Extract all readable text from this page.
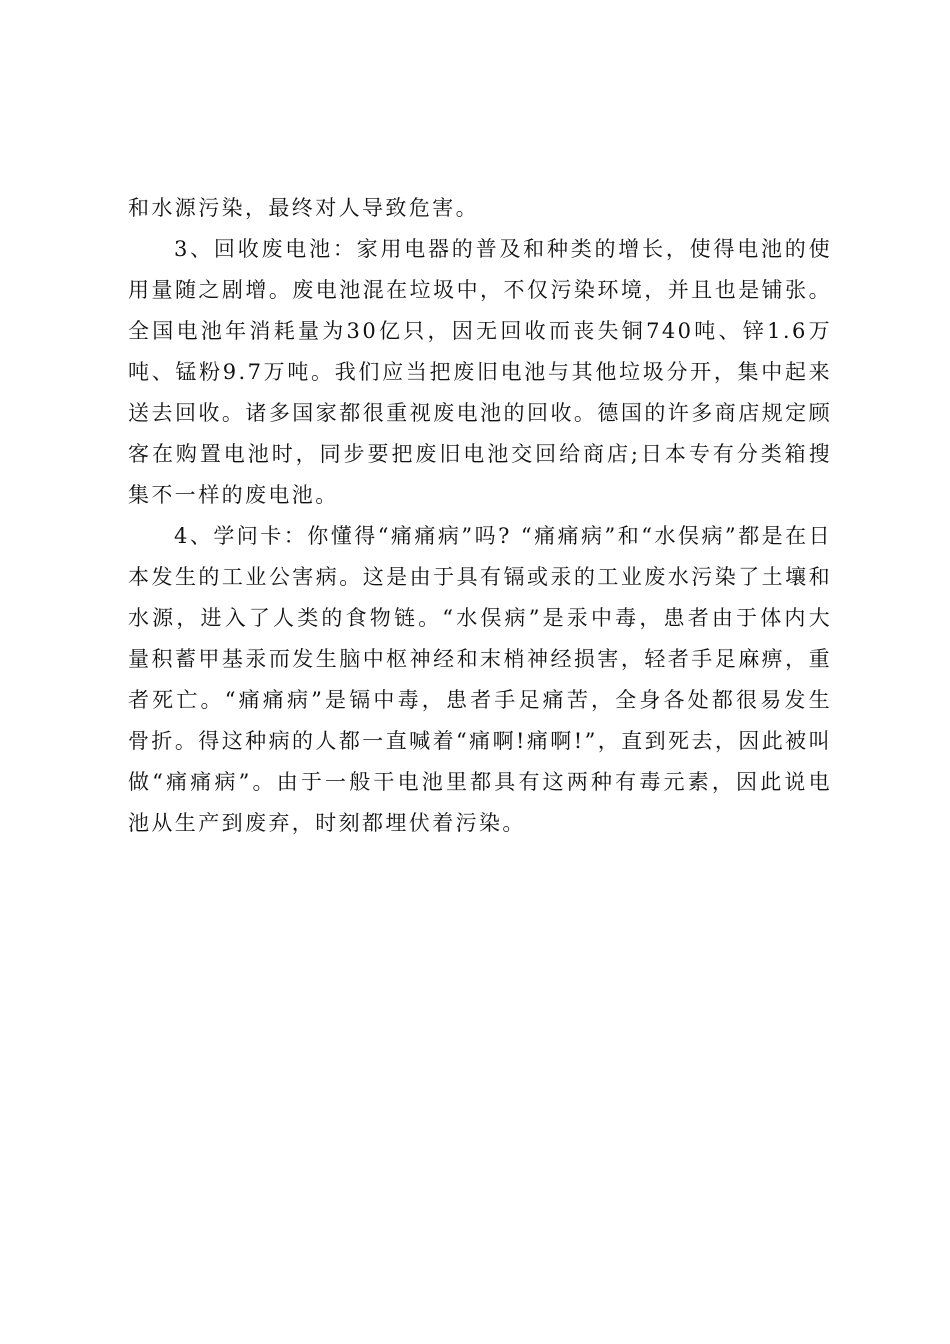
和水源污染，最终对人导致危害。

3、回收废电池：家用电器的普及和种类的增长，使得电池的使用量随之剧增。废电池混在垃圾中，不仅污染环境，并且也是铺张。全国电池年消耗量为30亿只，因无回收而丧失铜740吨、锌1.6万吨、锰粉9.7万吨。我们应当把废旧电池与其他垃圾分开，集中起来送去回收。诸多国家都很重视废电池的回收。德国的许多商店规定顾客在购置电池时，同步要把废旧电池交回给商店;日本专有分类箱搜集不一样的废电池。

4、学问卡：你懂得“痛痛病”吗? “痛痛病”和“水俣病”都是在日本发生的工业公害病。这是由于具有镉或汞的工业废水污染了土壤和水源，进入了人类的食物链。“水俣病”是汞中毒，患者由于体内大量积蓄甲基汞而发生脑中枢神经和末梢神经损害，轻者手足麻痹，重者死亡。“痛痛病”是镉中毒，患者手足痛苦，全身各处都很易发生骨折。得这种病的人都一直喊着“痛啊!痛啊!”，直到死去，因此被叫做“痛痛病”。由于一般干电池里都具有这两种有毒元素，因此说电池从生产到废弃，时刻都埋伏着污染。
